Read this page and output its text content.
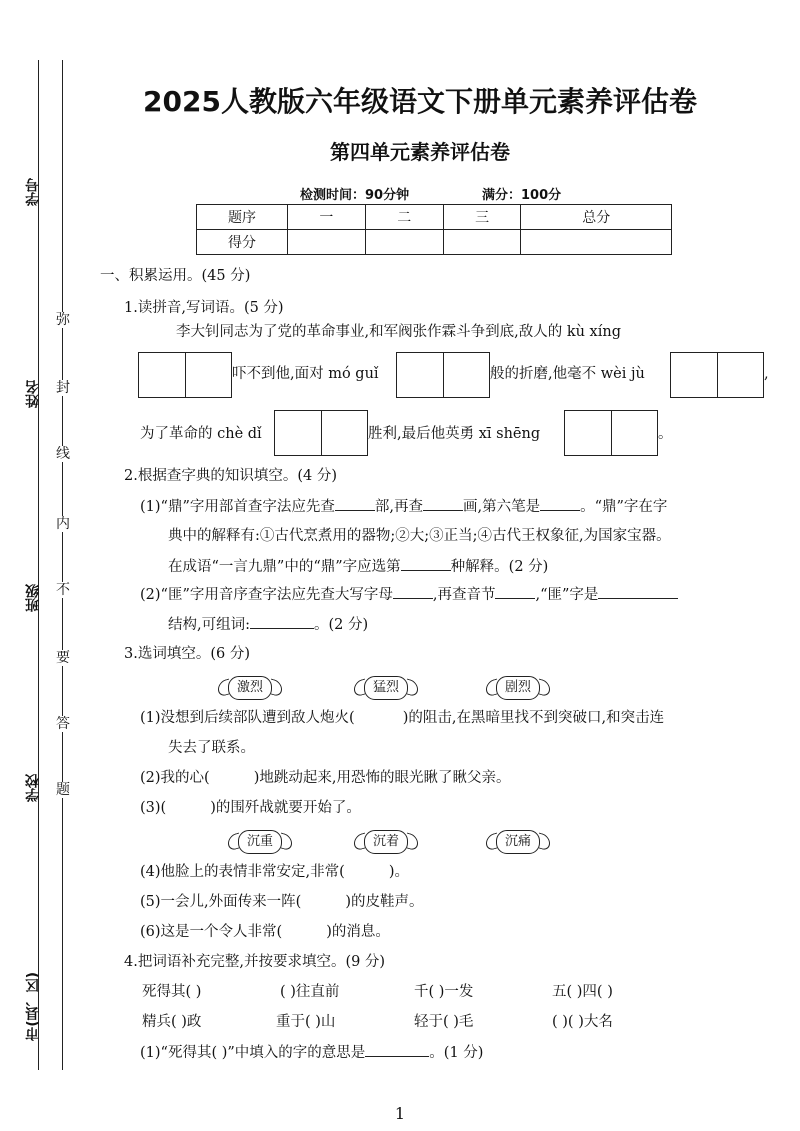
学号
姓名
班级
学校
市(县、区)
弥
封
线
内
不
要
答
题
2025人教版六年级语文下册单元素养评估卷
第四单元素养评估卷
检测时间：90分钟	满分：100分
题序	一	二	三	总分
得分				
一、积累运用。(45 分)
1.读拼音,写词语。(5 分)
李大钊同志为了党的革命事业,和军阀张作霖斗争到底,敌人的 kù xíng
吓不到他,面对 mó guǐ	般的折磨,他毫不 wèi jù	,
为了革命的 chè dǐ	胜利,最后他英勇 xī shēng	。
2.根据查字典的知识填空。(4 分)
(1)“鼎”字用部首查字法应先查	部,再查	画,第六笔是	。“鼎”字在字
典中的解释有:①古代烹煮用的器物;②大;③正当;④古代王权象征,为国家宝器。
在成语“一言九鼎”中的“鼎”字应选第	种解释。(2 分)
(2)“匪”字用音序查字法应先查大写字母	,再查音节	,“匪”字是
结构,可组词:	。(2 分)
3.选词填空。(6 分)
激烈	猛烈	剧烈
(1)没想到后续部队遭到敌人炮火(	)的阻击,在黑暗里找不到突破口,和突击连
失去了联系。
(2)我的心(	)地跳动起来,用恐怖的眼光瞅了瞅父亲。
(3)(	)的围歼战就要开始了。
沉重	沉着	沉痛
(4)他脸上的表情非常安定,非常(	)。
(5)一会儿,外面传来一阵(	)的皮鞋声。
(6)这是一个令人非常(	)的消息。
4.把词语补充完整,并按要求填空。(9 分)
死得其( )	( )往直前	千( )一发	五( )四( )
精兵( )政	重于( )山	轻于( )毛	( )( )大名
(1)“死得其( )”中填入的字的意思是	。(1 分)
1
